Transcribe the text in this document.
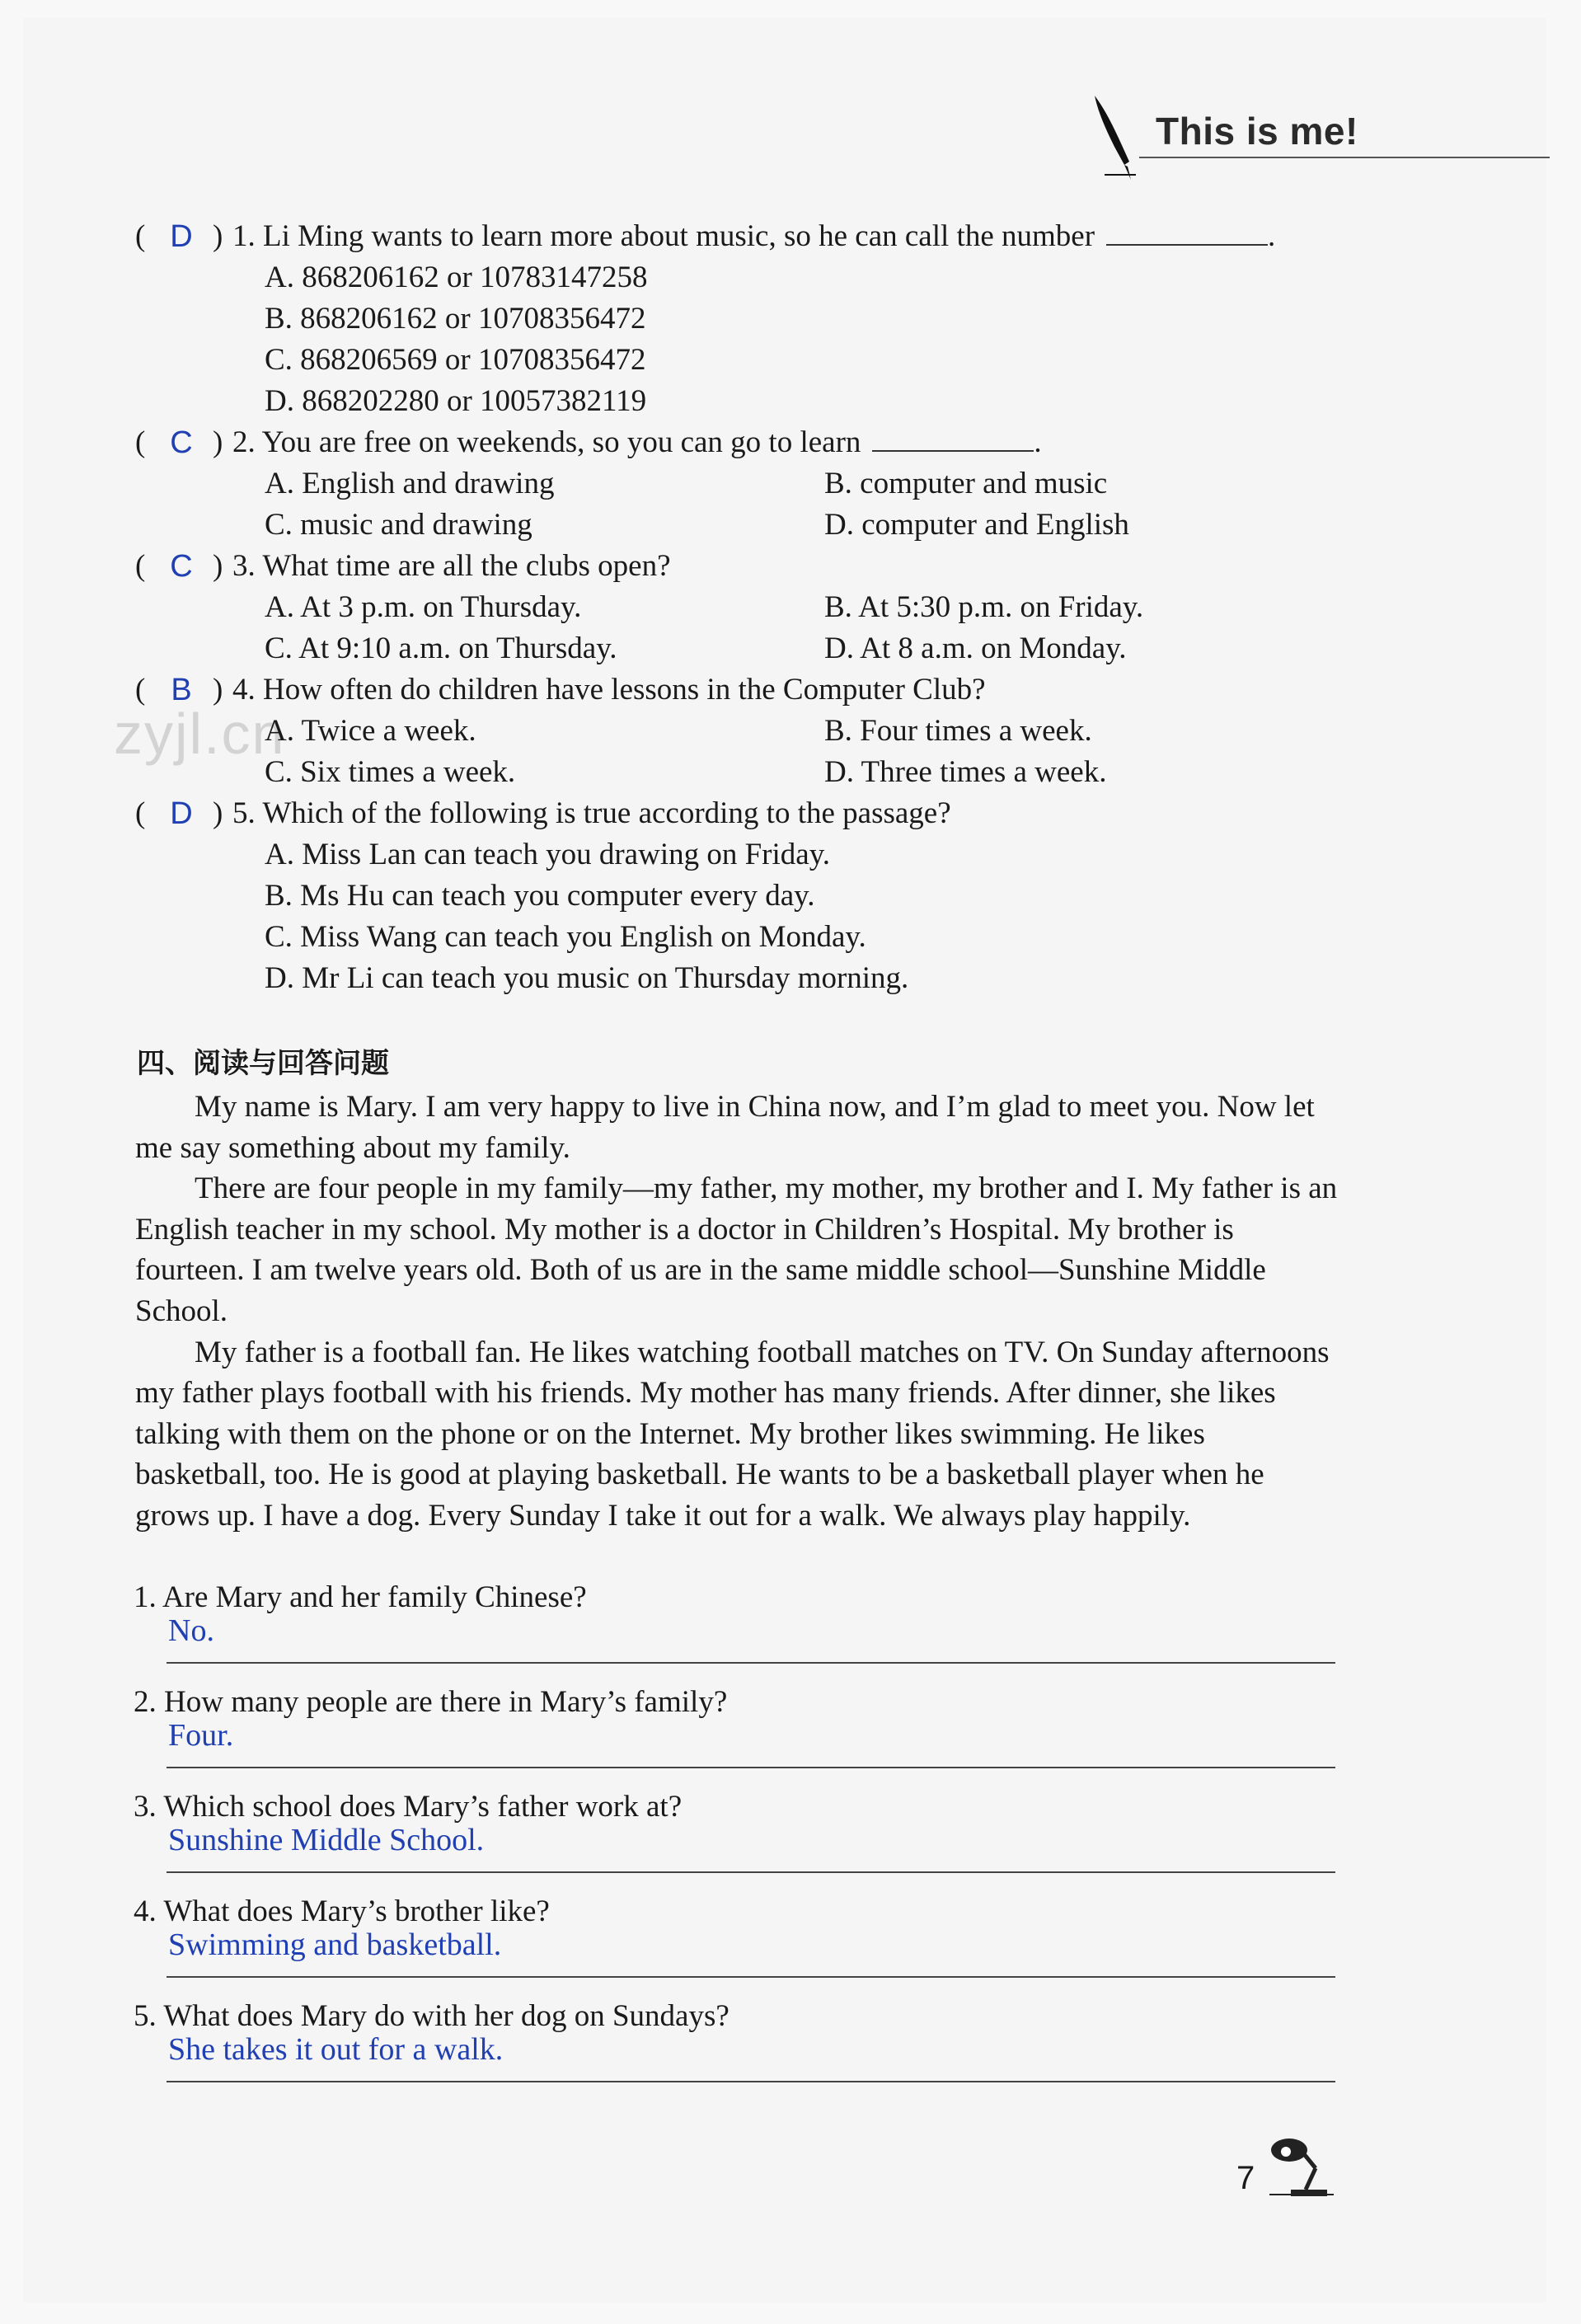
This is me!
( D ) 1. Li Ming wants to learn more about music, so he can call the number	.
A. 868206162 or 10783147258
B. 868206162 or 10708356472
C. 868206569 or 10708356472
D. 868202280 or 10057382119
( C ) 2. You are free on weekends, so you can go to learn	.
A. English and drawing	B. computer and music
C. music and drawing	D. computer and English
( C ) 3. What time are all the clubs open?
A. At 3 p.m. on Thursday.	B. At 5:30 p.m. on Friday.
C. At 9:10 a.m. on Thursday.	D. At 8 a.m. on Monday.
zyjl.cn
( B ) 4. How often do children have lessons in the Computer Club?
A. Twice a week.	B. Four times a week.
C. Six times a week.	D. Three times a week.
( D ) 5. Which of the following is true according to the passage?
A. Miss Lan can teach you drawing on Friday.
B. Ms Hu can teach you computer every day.
C. Miss Wang can teach you English on Monday.
D. Mr Li can teach you music on Thursday morning.
四、阅读与回答问题

My name is Mary. I am very happy to live in China now, and I’m glad to meet you. Now let me say something about my family.

There are four people in my family—my father, my mother, my brother and I. My father is an English teacher in my school. My mother is a doctor in Children’s Hospital. My brother is fourteen. I am twelve years old. Both of us are in the same middle school—Sunshine Middle School.

My father is a football fan. He likes watching football matches on TV. On Sunday afternoons my father plays football with his friends. My mother has many friends. After dinner, she likes talking with them on the phone or on the Internet. My brother likes swimming. He likes basketball, too. He is good at playing basketball. He wants to be a basketball player when he grows up. I have a dog. Every Sunday I take it out for a walk. We always play happily.

1. Are Mary and her family Chinese?
No.
2. How many people are there in Mary’s family?
Four.
3. Which school does Mary’s father work at?
Sunshine Middle School.
4. What does Mary’s brother like?
Swimming and basketball.
5. What does Mary do with her dog on Sundays?
She takes it out for a walk.
7
